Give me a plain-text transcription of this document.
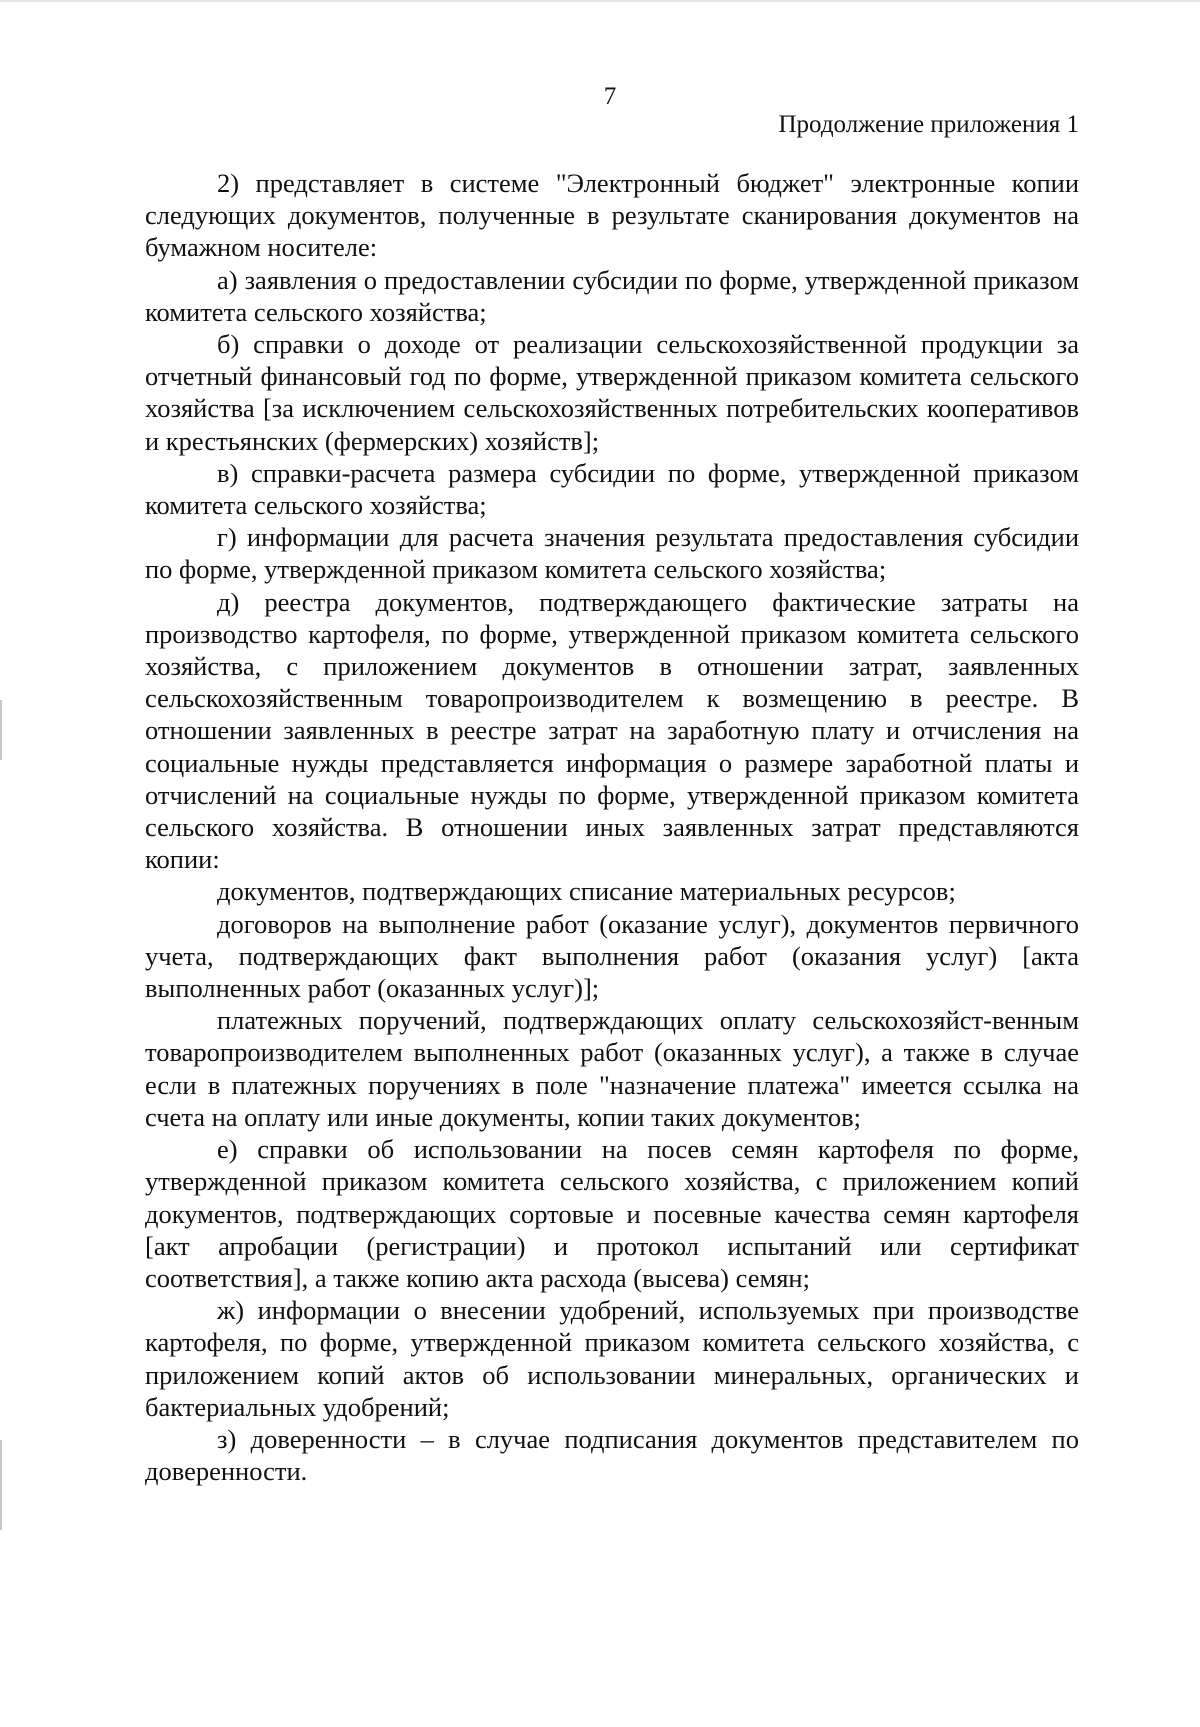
7
Продолжение приложения 1

2) представляет в системе "Электронный бюджет" электронные копии следующих документов, полученные в результате сканирования документов на бумажном носителе:

а) заявления о предоставлении субсидии по форме, утвержденной приказом комитета сельского хозяйства;

б) справки о доходе от реализации сельскохозяйственной продукции за отчетный финансовый год по форме, утвержденной приказом комитета сельского хозяйства [за исключением сельскохозяйственных потребительских кооперативов и крестьянских (фермерских) хозяйств];

в) справки-расчета размера субсидии по форме, утвержденной приказом комитета сельского хозяйства;

г) информации для расчета значения результата предоставления субсидии по форме, утвержденной приказом комитета сельского хозяйства;

д) реестра документов, подтверждающего фактические затраты на производство картофеля, по форме, утвержденной приказом комитета сельского хозяйства, с приложением документов в отношении затрат, заявленных сельскохозяйственным товаропроизводителем к возмещению в реестре. В отношении заявленных в реестре затрат на заработную плату и отчисления на социальные нужды представляется информация о размере заработной платы и отчислений на социальные нужды по форме, утвержденной приказом комитета сельского хозяйства. В отношении иных заявленных затрат представляются копии:

документов, подтверждающих списание материальных ресурсов;

договоров на выполнение работ (оказание услуг), документов первичного учета, подтверждающих факт выполнения работ (оказания услуг) [акта выполненных работ (оказанных услуг)];

платежных поручений, подтверждающих оплату сельскохозяйст-венным товаропроизводителем выполненных работ (оказанных услуг), а также в случае если в платежных поручениях в поле "назначение платежа" имеется ссылка на счета на оплату или иные документы, копии таких документов;

е) справки об использовании на посев семян картофеля по форме, утвержденной приказом комитета сельского хозяйства, с приложением копий документов, подтверждающих сортовые и посевные качества семян картофеля [акт апробации (регистрации) и протокол испытаний или сертификат соответствия], а также копию акта расхода (высева) семян;

ж) информации о внесении удобрений, используемых при производстве картофеля, по форме, утвержденной приказом комитета сельского хозяйства, с приложением копий актов об использовании минеральных, органических и бактериальных удобрений;

з) доверенности – в случае подписания документов представителем по доверенности.
